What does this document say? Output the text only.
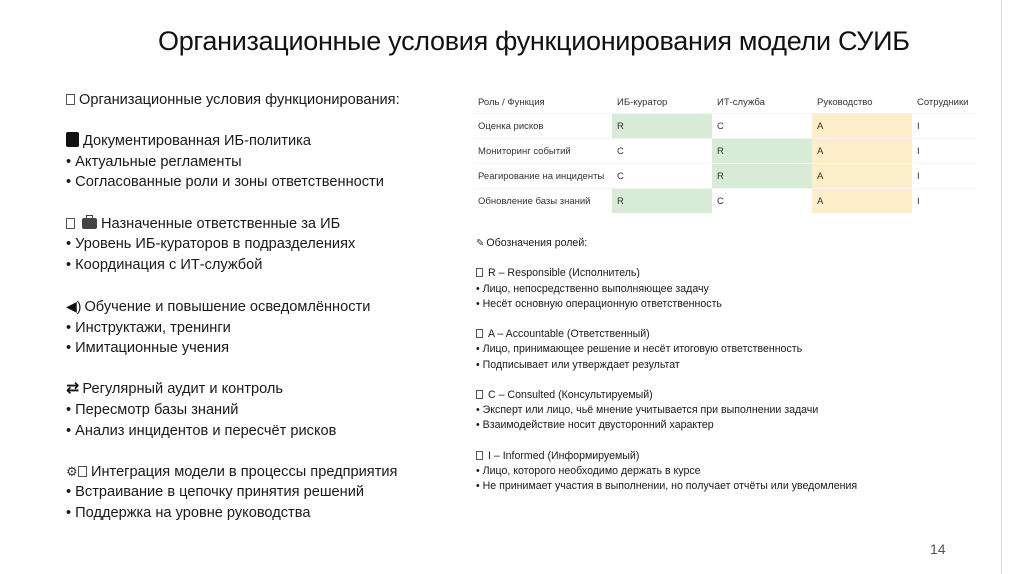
Организационные условия функционирования модели СУИБ
Организационные условия функционирования:
Документированная ИБ-политика
• Актуальные регламенты
• Согласованные роли и зоны ответственности
Назначенные ответственные за ИБ
• Уровень ИБ-кураторов в подразделениях
• Координация с ИТ-службой
◀) Обучение и повышение осведомлённости
• Инструктажи, тренинги
• Имитационные учения
⇄ Регулярный аудит и контроль
• Пересмотр базы знаний
• Анализ инцидентов и пересчёт рисков
⚙ Интеграция модели в процессы предприятия
• Встраивание в цепочку принятия решений
• Поддержка на уровне руководства
Роль / Функция	ИБ-куратор	ИТ-служба	Руководство	Сотрудники
Оценка рисков	R	C	A	I
Мониторинг событий	C	R	A	I
Реагирование на инциденты	C	R	A	I
Обновление базы знаний	R	C	A	I
✎ Обозначения ролей:
R – Responsible (Исполнитель)
• Лицо, непосредственно выполняющее задачу
• Несёт основную операционную ответственность
A – Accountable (Ответственный)
• Лицо, принимающее решение и несёт итоговую ответственность
• Подписывает или утверждает результат
C – Consulted (Консультируемый)
• Эксперт или лицо, чьё мнение учитывается при выполнении задачи
• Взаимодействие носит двусторонний характер
I – Informed (Информируемый)
• Лицо, которого необходимо держать в курсе
• Не принимает участия в выполнении, но получает отчёты или уведомления
14
